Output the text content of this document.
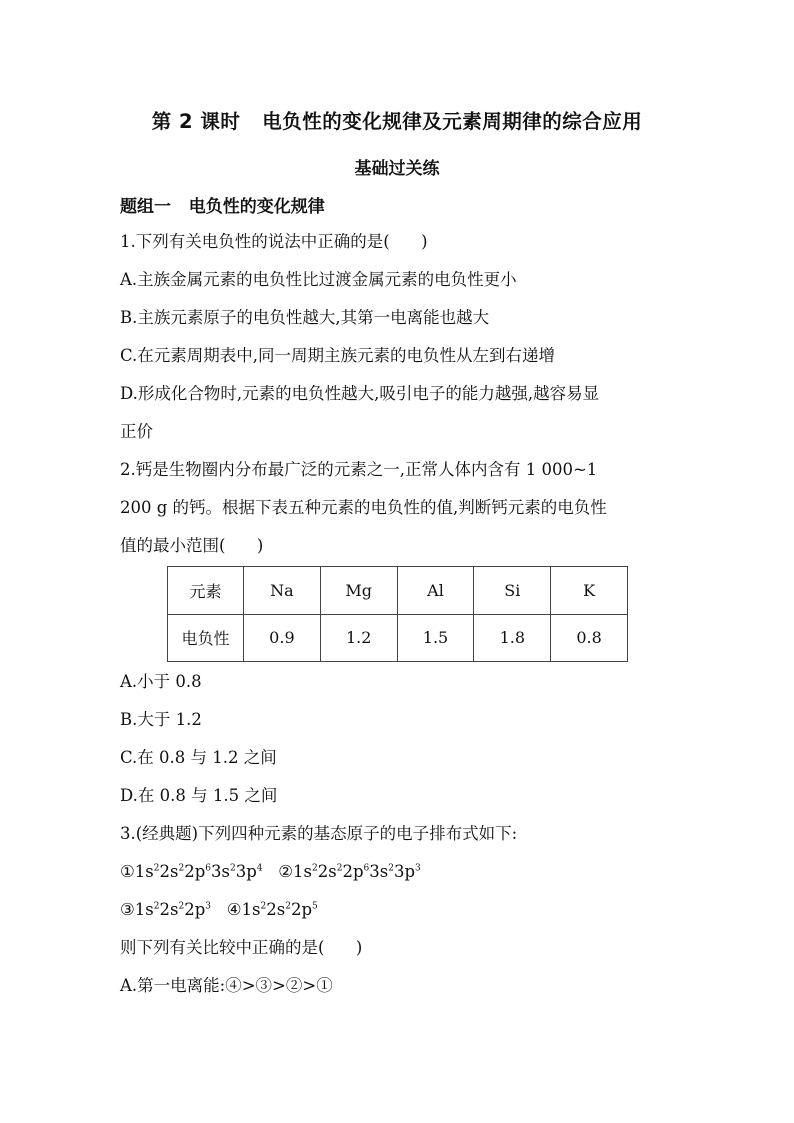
第 2 课时   电负性的变化规律及元素周期律的综合应用
基础过关练
题组一   电负性的变化规律
1.下列有关电负性的说法中正确的是(      )
A.主族金属元素的电负性比过渡金属元素的电负性更小
B.主族元素原子的电负性越大,其第一电离能也越大
C.在元素周期表中,同一周期主族元素的电负性从左到右递增
D.形成化合物时,元素的电负性越大,吸引电子的能力越强,越容易显
正价
2.钙是生物圈内分布最广泛的元素之一,正常人体内含有 1 000~1
200 g 的钙。根据下表五种元素的电负性的值,判断钙元素的电负性
值的最小范围(      )
元素	Na	Mg	Al	Si	K
电负性	0.9	1.2	1.5	1.8	0.8
A.小于 0.8
B.大于 1.2
C.在 0.8 与 1.2 之间
D.在 0.8 与 1.5 之间
3.(经典题)下列四种元素的基态原子的电子排布式如下:
$①1s^22s^22p^63s^23p^4$ $②1s^22s^22p^63s^23p^3$
$③1s^22s^22p^3$ $④1s^22s^22p^5$
则下列有关比较中正确的是(      )
A.第一电离能:④>③>②>①
